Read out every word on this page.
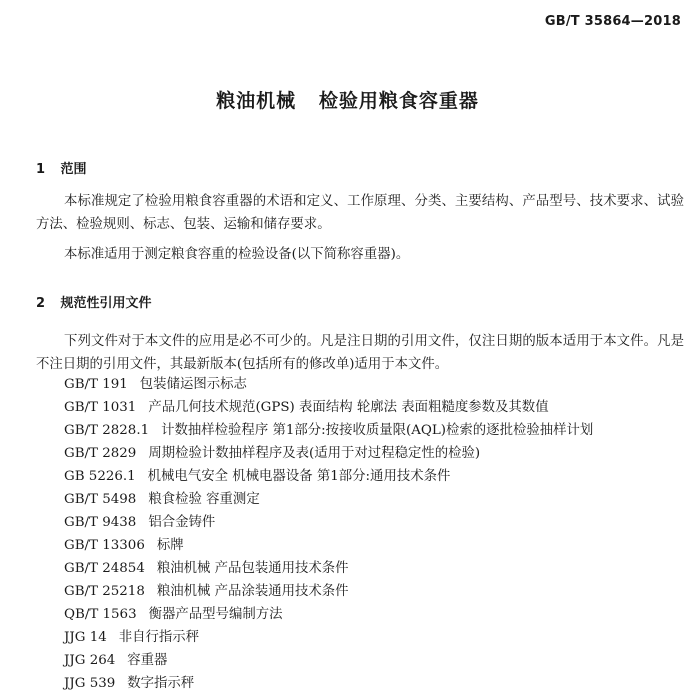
GB/T 35864—2018
粮油机械   检验用粮食容重器
1 范围

本标准规定了检验用粮食容重器的术语和定义、工作原理、分类、主要结构、产品型号、技术要求、试验方法、检验规则、标志、包装、运输和储存要求。

本标准适用于测定粮食容重的检验设备(以下简称容重器)。
2 规范性引用文件

下列文件对于本文件的应用是必不可少的。凡是注日期的引用文件，仅注日期的版本适用于本文件。凡是不注日期的引用文件，其最新版本(包括所有的修改单)适用于本文件。

GB/T 191 包装储运图示标志
GB/T 1031 产品几何技术规范(GPS) 表面结构 轮廓法 表面粗糙度参数及其数值
GB/T 2828.1 计数抽样检验程序 第1部分:按接收质量限(AQL)检索的逐批检验抽样计划
GB/T 2829 周期检验计数抽样程序及表(适用于对过程稳定性的检验)
GB 5226.1 机械电气安全 机械电器设备 第1部分:通用技术条件
GB/T 5498 粮食检验 容重测定
GB/T 9438 铝合金铸件
GB/T 13306 标牌
GB/T 24854 粮油机械 产品包装通用技术条件
GB/T 25218 粮油机械 产品涂装通用技术条件
QB/T 1563 衡器产品型号编制方法
JJG 14 非自行指示秤
JJG 264 容重器
JJG 539 数字指示秤
